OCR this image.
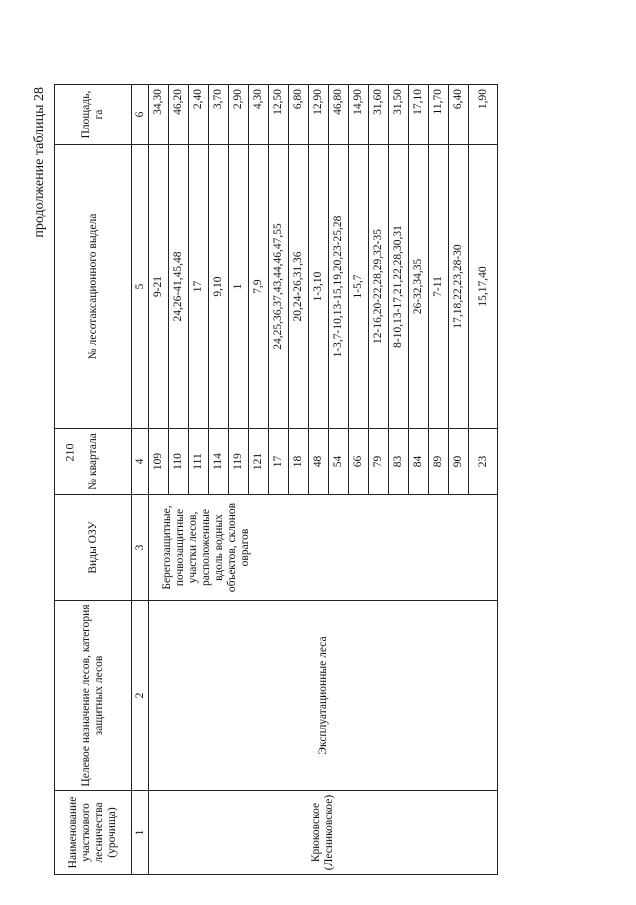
210
продолжение таблицы 28
Наименование участкового лесничества (урочища)	Целевое назначение лесов, категория защитных лесов	Виды ОЗУ	№ квартала	№ лесотаксационного выдела	Площадь, га
1	2	3	4	5	6
Крюковское (Лесниковское)	Эксплуатационные леса	Берегозащитные, почвозащитные участки лесов, расположенные вдоль водных объектов, склонов оврагов	109	9-21	34,30
			110	24,26-41,45,48	46,20
			111	17	2,40
			114	9,10	3,70
			119	1	2,90
			121	7,9	4,30
			17	24,25,36,37,43,44,46,47,55	12,50
			18	20,24-26,31,36	6,80
			48	1-3,10	12,90
			54	1-3,7-10,13-15,19,20,23-25,28	46,80
			66	1-5,7	14,90
			79	12-16,20-22,28,29,32-35	31,60
			83	8-10,13-17,21,22,28,30,31	31,50
			84	26-32,34,35	17,10
			89	7-11	11,70
			90	17,18,22,23,28-30	6,40
			23	15,17,40	1,90
